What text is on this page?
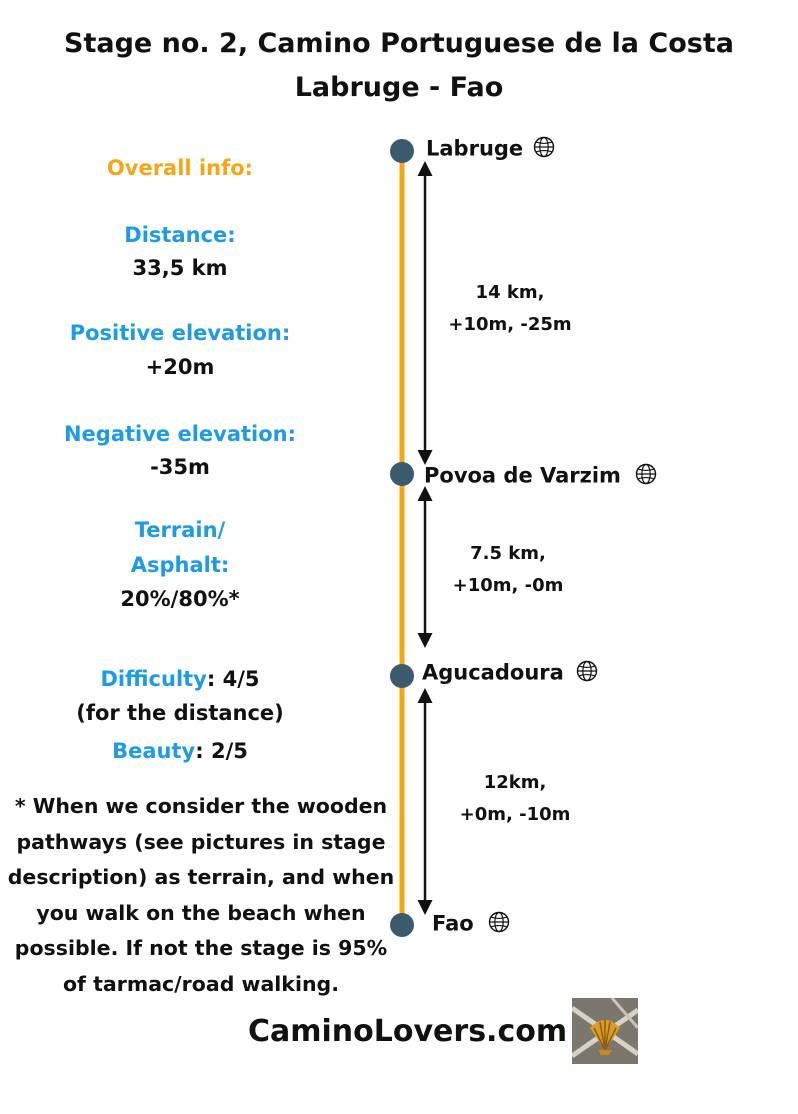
Stage no. 2, Camino Portuguese de la Costa
Labruge - Fao
Overall info:
Distance:
33,5 km
Positive elevation:
+20m
Negative elevation:
-35m
Terrain/
Asphalt:
20%/80%*
Difficulty: 4/5
(for the distance)
Beauty: 2/5
* When we consider the wooden
pathways (see pictures in stage
description) as terrain, and when
you walk on the beach when
possible. If not the stage is 95%
of tarmac/road walking.
Labruge
Povoa de Varzim
Agucadoura
Fao
14 km,
+10m, -25m
7.5 km,
+10m, -0m
12km,
+0m, -10m
CaminoLovers.com
